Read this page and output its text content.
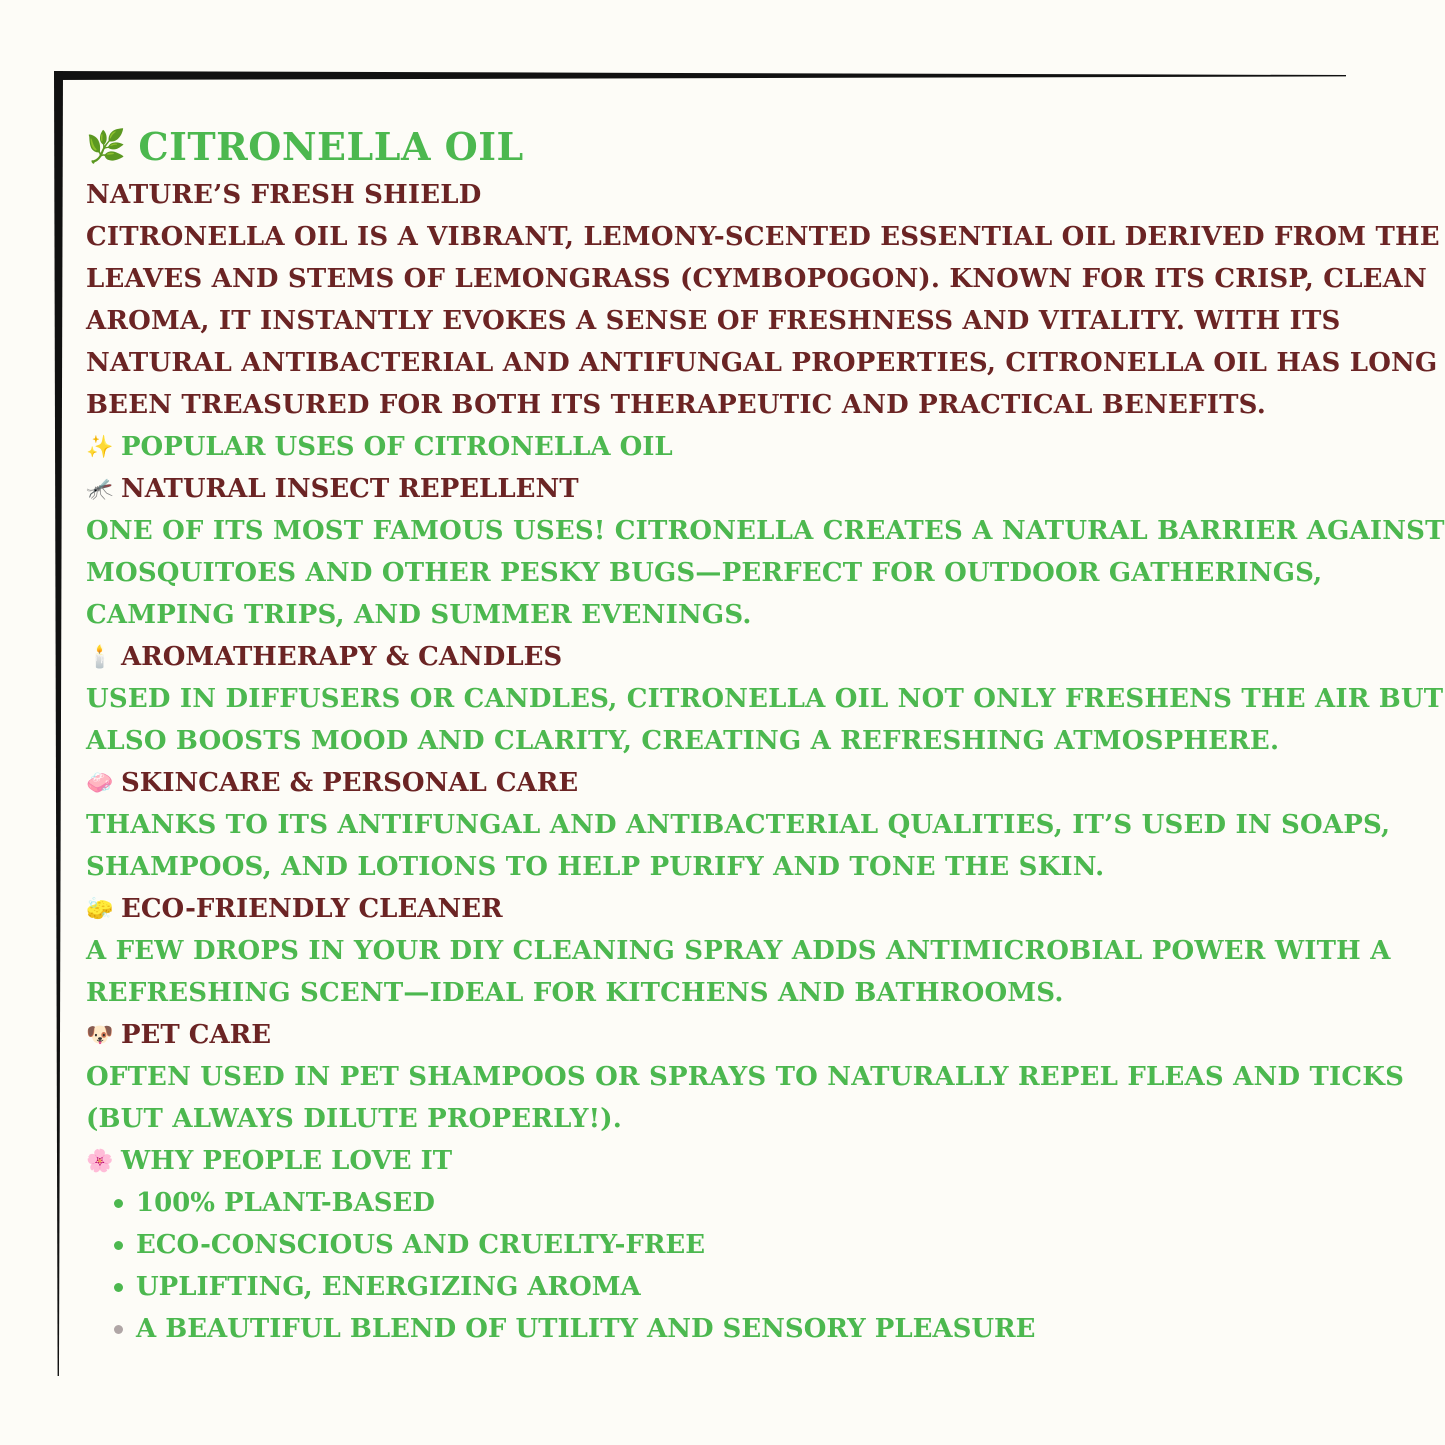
🌿 CITRONELLA OIL
NATURE’S FRESH SHIELD
CITRONELLA OIL IS A VIBRANT, LEMONY-SCENTED ESSENTIAL OIL DERIVED FROM THE
LEAVES AND STEMS OF LEMONGRASS (CYMBOPOGON). KNOWN FOR ITS CRISP, CLEAN
AROMA, IT INSTANTLY EVOKES A SENSE OF FRESHNESS AND VITALITY. WITH ITS
NATURAL ANTIBACTERIAL AND ANTIFUNGAL PROPERTIES, CITRONELLA OIL HAS LONG
BEEN TREASURED FOR BOTH ITS THERAPEUTIC AND PRACTICAL BENEFITS.
✨ POPULAR USES OF CITRONELLA OIL
🦟 NATURAL INSECT REPELLENT
ONE OF ITS MOST FAMOUS USES! CITRONELLA CREATES A NATURAL BARRIER AGAINST
MOSQUITOES AND OTHER PESKY BUGS—PERFECT FOR OUTDOOR GATHERINGS,
CAMPING TRIPS, AND SUMMER EVENINGS.
🕯️ AROMATHERAPY & CANDLES
USED IN DIFFUSERS OR CANDLES, CITRONELLA OIL NOT ONLY FRESHENS THE AIR BUT
ALSO BOOSTS MOOD AND CLARITY, CREATING A REFRESHING ATMOSPHERE.
🧼 SKINCARE & PERSONAL CARE
THANKS TO ITS ANTIFUNGAL AND ANTIBACTERIAL QUALITIES, IT’S USED IN SOAPS,
SHAMPOOS, AND LOTIONS TO HELP PURIFY AND TONE THE SKIN.
🧽 ECO-FRIENDLY CLEANER
A FEW DROPS IN YOUR DIY CLEANING SPRAY ADDS ANTIMICROBIAL POWER WITH A
REFRESHING SCENT—IDEAL FOR KITCHENS AND BATHROOMS.
🐶 PET CARE
OFTEN USED IN PET SHAMPOOS OR SPRAYS TO NATURALLY REPEL FLEAS AND TICKS
(BUT ALWAYS DILUTE PROPERLY!).
🌸 WHY PEOPLE LOVE IT
100% PLANT-BASED
ECO-CONSCIOUS AND CRUELTY-FREE
UPLIFTING, ENERGIZING AROMA
A BEAUTIFUL BLEND OF UTILITY AND SENSORY PLEASURE
